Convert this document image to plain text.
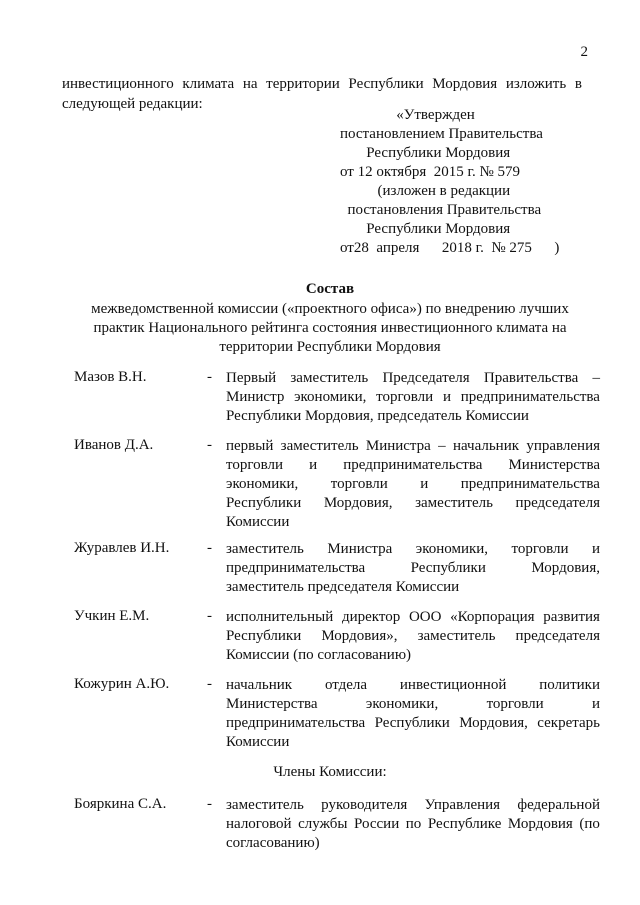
2
инвестиционного климата на территории Республики Мордовия изложить в
следующей редакции:
«Утвержден
постановлением Правительства
Республики Мордовия
от 12 октября  2015 г. № 579
(изложен в редакции
постановления Правительства
Республики Мордовия
от28  апреля      2018 г.  № 275      )
Состав
межведомственной комиссии («проектного офиса») по внедрению лучших
практик Национального рейтинга состояния инвестиционного климата на
территории Республики Мордовия
Мазов В.Н.	- Первый заместитель Председателя Правительства –
Министр экономики, торговли и предпринимательства
Республики Мордовия, председатель Комиссии
Иванов Д.А.	- первый заместитель Министра – начальник управления
торговли и предпринимательства Министерства
экономики, торговли и предпринимательства
Республики Мордовия, заместитель председателя
Комиссии
Журавлев И.Н.	- заместитель Министра экономики, торговли и
предпринимательства	Республики	Мордовия,
заместитель председателя Комиссии
Учкин Е.М.	- исполнительный директор ООО «Корпорация развития
Республики Мордовия», заместитель председателя
Комиссии (по согласованию)
Кожурин А.Ю.	- начальник отдела инвестиционной политики
Министерства	экономики,	торговли	и
предпринимательства Республики Мордовия, секретарь
Комиссии
Бояркина С.А.	- заместитель руководителя Управления федеральной
налоговой службы России по Республике Мордовия (по
согласованию)
Члены Комиссии:
